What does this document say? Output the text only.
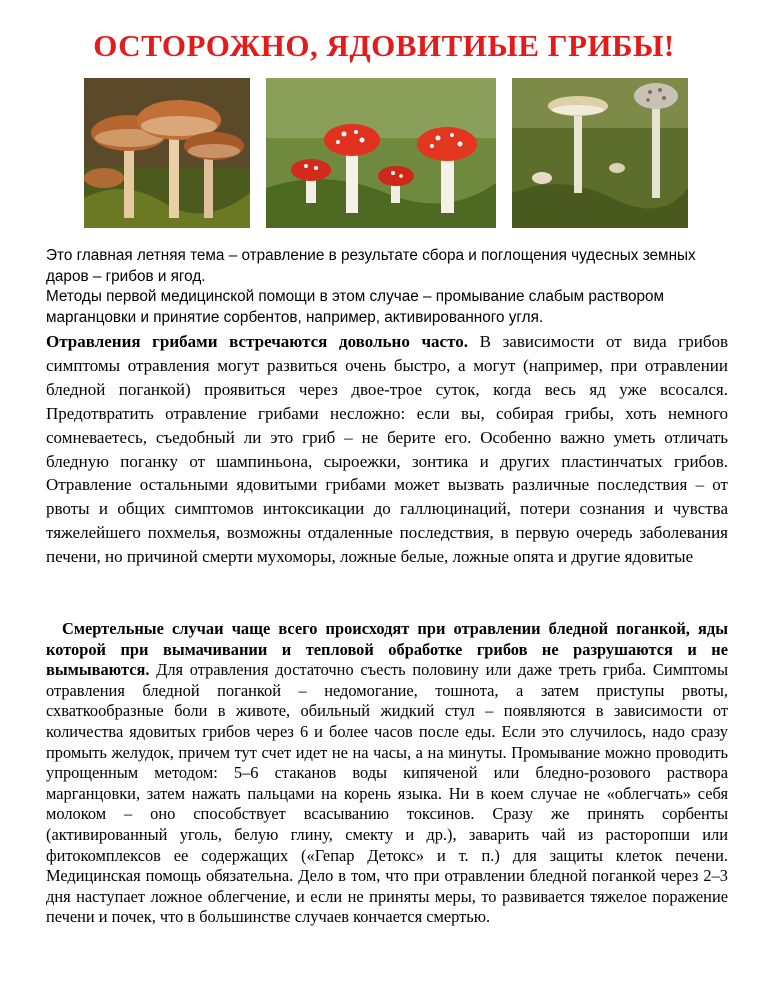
ОСТОРОЖНО, ЯДОВИТИЫЕ ГРИБЫ!
Это главная летняя тема – отравление в результате сбора и поглощения чудесных земных даров – грибов и ягод.
Методы первой медицинской помощи в этом случае – промывание слабым раствором марганцовки и принятие сорбентов, например, активированного угля.
Отравления грибами встречаются довольно часто. В зависимости от вида грибов симптомы отравления могут развиться очень быстро, а могут (например, при отравлении бледной поганкой) проявиться через двое-трое суток, когда весь яд уже всосался. Предотвратить отравление грибами несложно: если вы, собирая грибы, хоть немного сомневаетесь, съедобный ли это гриб – не берите его. Особенно важно уметь отличать бледную поганку от шампиньона, сыроежки, зонтика и других пластинчатых грибов. Отравление остальными ядовитыми грибами может вызвать различные последствия – от рвоты и общих симптомов интоксикации до галлюцинаций, потери сознания и чувства тяжелейшего похмелья, возможны отдаленные последствия, в первую очередь заболевания печени, но причиной смерти мухоморы, ложные белые, ложные опята и другие ядовитые
Смертельные случаи чаще всего происходят при отравлении бледной поганкой, яды которой при вымачивании и тепловой обработке грибов не разрушаются и не вымываются. Для отравления достаточно съесть половину или даже треть гриба. Симптомы отравления бледной поганкой – недомогание, тошнота, а затем приступы рвоты, схваткообразные боли в животе, обильный жидкий стул – появляются в зависимости от количества ядовитых грибов через 6 и более часов после еды. Если это случилось, надо сразу промыть желудок, причем тут счет идет не на часы, а на минуты. Промывание можно проводить упрощенным методом: 5–6 стаканов воды кипяченой или бледно-розового раствора марганцовки, затем нажать пальцами на корень языка. Ни в коем случае не «облегчать» себя молоком – оно способствует всасыванию токсинов. Сразу же принять сорбенты (активированный уголь, белую глину, смекту и др.), заварить чай из расторопши или фитокомплексов ее содержащих («Гепар Детокс» и т. п.) для защиты клеток печени. Медицинская помощь обязательна. Дело в том, что при отравлении бледной поганкой через 2–3 дня наступает ложное облегчение, и если не приняты меры, то развивается тяжелое поражение печени и почек, что в большинстве случаев кончается смертью.
